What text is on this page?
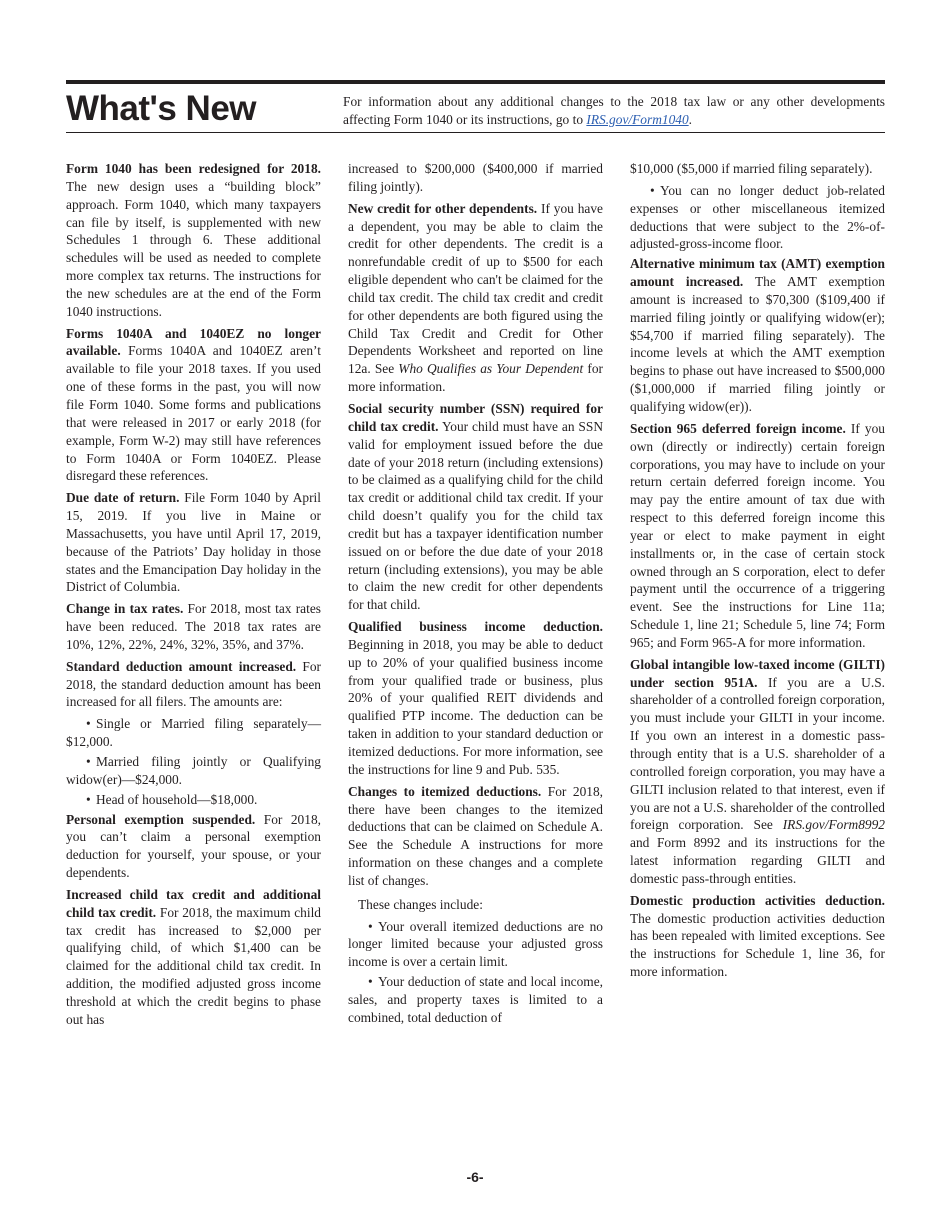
What's New	For information about any additional changes to the 2018 tax law or any other developments affecting Form 1040 or its instructions, go to IRS.gov/Form1040.

Form 1040 has been redesigned for 2018. The new design uses a “building block” approach. Form 1040, which many taxpayers can file by itself, is supplemented with new Schedules 1 through 6. These additional schedules will be used as needed to complete more complex tax returns. The instructions for the new schedules are at the end of the Form 1040 instructions.

Forms 1040A and 1040EZ no longer available. Forms 1040A and 1040EZ aren’t available to file your 2018 taxes. If you used one of these forms in the past, you will now file Form 1040. Some forms and publications that were released in 2017 or early 2018 (for example, Form W-2) may still have references to Form 1040A or Form 1040EZ. Please disregard these references.

Due date of return. File Form 1040 by April 15, 2019. If you live in Maine or Massachusetts, you have until April 17, 2019, because of the Patriots’ Day holiday in those states and the Emancipation Day holiday in the District of Columbia.

Change in tax rates. For 2018, most tax rates have been reduced. The 2018 tax rates are 10%, 12%, 22%, 24%, 32%, 35%, and 37%.

Standard deduction amount increased. For 2018, the standard deduction amount has been increased for all filers. The amounts are:

• Single or Married filing separately—$12,000.

• Married filing jointly or Qualifying widow(er)—$24,000.

• Head of household—$18,000.

Personal exemption suspended. For 2018, you can’t claim a personal exemption deduction for yourself, your spouse, or your dependents.

Increased child tax credit and additional child tax credit. For 2018, the maximum child tax credit has increased to $2,000 per qualifying child, of which $1,400 can be claimed for the additional child tax credit. In addition, the modified adjusted gross income threshold at which the credit begins to phase out has

increased to $200,000 ($400,000 if married filing jointly).

New credit for other dependents. If you have a dependent, you may be able to claim the credit for other dependents. The credit is a nonrefundable credit of up to $500 for each eligible dependent who can't be claimed for the child tax credit. The child tax credit and credit for other dependents are both figured using the Child Tax Credit and Credit for Other Dependents Worksheet and reported on line 12a. See Who Qualifies as Your Dependent for more information.

Social security number (SSN) required for child tax credit. Your child must have an SSN valid for employment issued before the due date of your 2018 return (including extensions) to be claimed as a qualifying child for the child tax credit or additional child tax credit. If your child doesn’t qualify you for the child tax credit but has a taxpayer identification number issued on or before the due date of your 2018 return (including extensions), you may be able to claim the new credit for other dependents for that child.

Qualified business income deduction. Beginning in 2018, you may be able to deduct up to 20% of your qualified business income from your qualified trade or business, plus 20% of your qualified REIT dividends and qualified PTP income. The deduction can be taken in addition to your standard deduction or itemized deductions. For more information, see the instructions for line 9 and Pub. 535.

Changes to itemized deductions. For 2018, there have been changes to the itemized deductions that can be claimed on Schedule A. See the Schedule A instructions for more information on these changes and a complete list of changes.

These changes include:

• Your overall itemized deductions are no longer limited because your adjusted gross income is over a certain limit.

• Your deduction of state and local income, sales, and property taxes is limited to a combined, total deduction of

$10,000 ($5,000 if married filing separately).

• You can no longer deduct job-related expenses or other miscellaneous itemized deductions that were subject to the 2%-of-adjusted-gross-income floor.

Alternative minimum tax (AMT) exemption amount increased. The AMT exemption amount is increased to $70,300 ($109,400 if married filing jointly or qualifying widow(er); $54,700 if married filing separately). The income levels at which the AMT exemption begins to phase out have increased to $500,000 ($1,000,000 if married filing jointly or qualifying widow(er)).

Section 965 deferred foreign income. If you own (directly or indirectly) certain foreign corporations, you may have to include on your return certain deferred foreign income. You may pay the entire amount of tax due with respect to this deferred foreign income this year or elect to make payment in eight installments or, in the case of certain stock owned through an S corporation, elect to defer payment until the occurrence of a triggering event. See the instructions for Line 11a; Schedule 1, line 21; Schedule 5, line 74; Form 965; and Form 965-A for more information.

Global intangible low-taxed income (GILTI) under section 951A. If you are a U.S. shareholder of a controlled foreign corporation, you must include your GILTI in your income. If you own an interest in a domestic pass-through entity that is a U.S. shareholder of a controlled foreign corporation, you may have a GILTI inclusion related to that interest, even if you are not a U.S. shareholder of the controlled foreign corporation. See IRS.gov/Form8992 and Form 8992 and its instructions for the latest information regarding GILTI and domestic pass-through entities.

Domestic production activities deduction. The domestic production activities deduction has been repealed with limited exceptions. See the instructions for Schedule 1, line 36, for more information.

-6-
